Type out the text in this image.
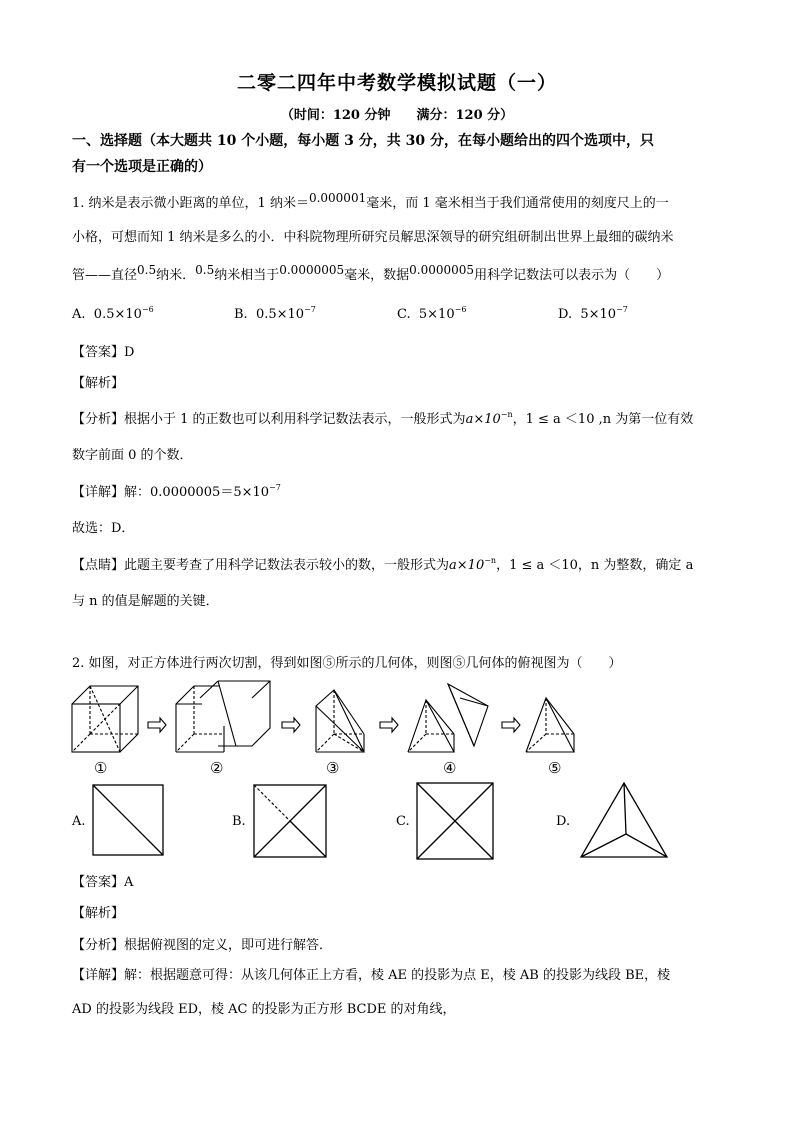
二零二四年中考数学模拟试题（一）
（时间：120 分钟　　满分：120 分）
一、选择题（本大题共 10 个小题，每小题 3 分，共 30 分，在每小题给出的四个选项中，只
有一个选项是正确的）
1. 纳米是表示微小距离的单位，1 纳米＝0.000001毫米，而 1 毫米相当于我们通常使用的刻度尺上的一
小格，可想而知 1 纳米是多么的小．中科院物理所研究员解思深领导的研究组研制出世界上最细的碳纳米
管——直径0.5纳米．0.5纳米相当于0.0000005毫米，数据0.0000005用科学记数法可以表示为（　　）
A. $0.5\times 10^{-6}$	B. $0.5\times 10^{-7}$	C. $5\times 10^{-6}$	D. $5\times 10^{-7}$
【答案】D
【解析】
【分析】根据小于 1 的正数也可以利用科学记数法表示，一般形式为$a\times 10^{-n}$，1 ≤ a ＜10 ,n 为第一位有效
数字前面 0 的个数．
【详解】解：$0.0000005=5\times 10^{-7}$
故选：D．
【点睛】此题主要考查了用科学记数法表示较小的数，一般形式为$a\times 10^{-n}$，1 ≤ a ＜10，n 为整数，确定 a
与 n 的值是解题的关键．
2. 如图，对正方体进行两次切割，得到如图⑤所示的几何体，则图⑤几何体的俯视图为（　　）
①	②	③	④	⑤
A.	B.	C.	D.
【答案】A
【解析】
【分析】根据俯视图的定义，即可进行解答．
【详解】解：根据题意可得：从该几何体正上方看，棱 AE 的投影为点 E，棱 AB 的投影为线段 BE，棱
AD 的投影为线段 ED，棱 AC 的投影为正方形 BCDE 的对角线，
